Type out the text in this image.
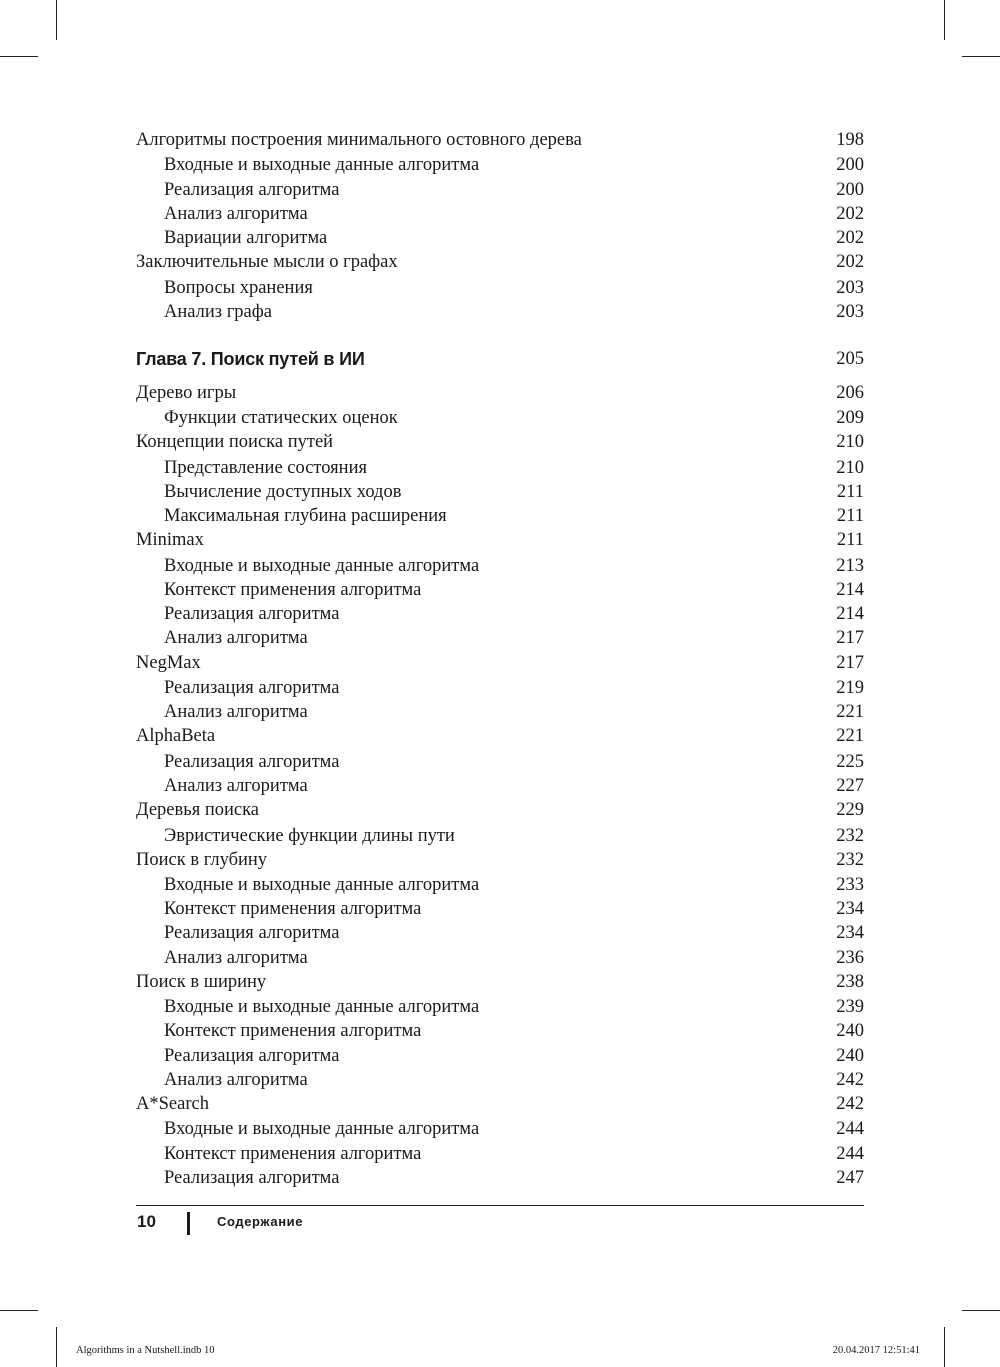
Алгоритмы построения минимального остовного дерева	198
Входные и выходные данные алгоритма	200
Реализация алгоритма	200
Анализ алгоритма	202
Вариации алгоритма	202
Заключительные мысли о графах	202
Вопросы хранения	203
Анализ графа	203
Глава 7. Поиск путей в ИИ	205
Дерево игры	206
Функции статических оценок	209
Концепции поиска путей	210
Представление состояния	210
Вычисление доступных ходов	211
Максимальная глубина расширения	211
Minimax	211
Входные и выходные данные алгоритма	213
Контекст применения алгоритма	214
Реализация алгоритма	214
Анализ алгоритма	217
NegMax	217
Реализация алгоритма	219
Анализ алгоритма	221
AlphaBeta	221
Реализация алгоритма	225
Анализ алгоритма	227
Деревья поиска	229
Эвристические функции длины пути	232
Поиск в глубину	232
Входные и выходные данные алгоритма	233
Контекст применения алгоритма	234
Реализация алгоритма	234
Анализ алгоритма	236
Поиск в ширину	238
Входные и выходные данные алгоритма	239
Контекст применения алгоритма	240
Реализация алгоритма	240
Анализ алгоритма	242
A*Search	242
Входные и выходные данные алгоритма	244
Контекст применения алгоритма	244
Реализация алгоритма	247
10	Содержание
Algorithms in a Nutshell.indb 10	20.04.2017 12:51:41
